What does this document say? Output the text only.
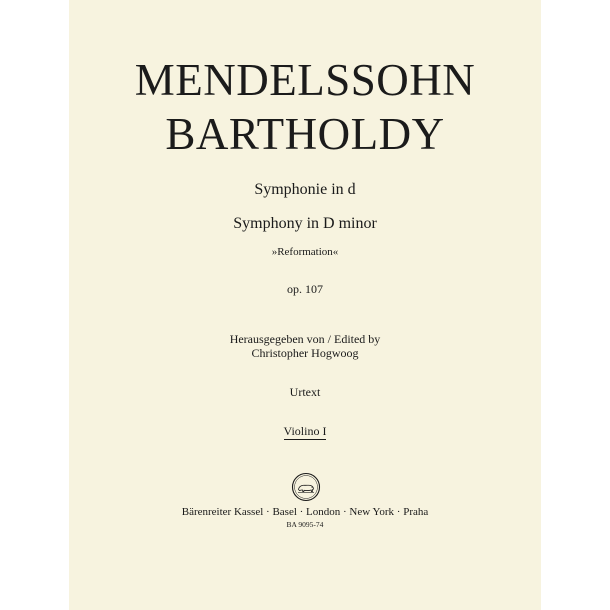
MENDELSSOHN
BARTHOLDY
Symphonie in d
Symphony in D minor
»Reformation«
op. 107
Herausgegeben von / Edited by
Christopher Hogwoog
Urtext
Violino I
Bärenreiter Kassel · Basel · London · New York · Praha
BA 9095-74
